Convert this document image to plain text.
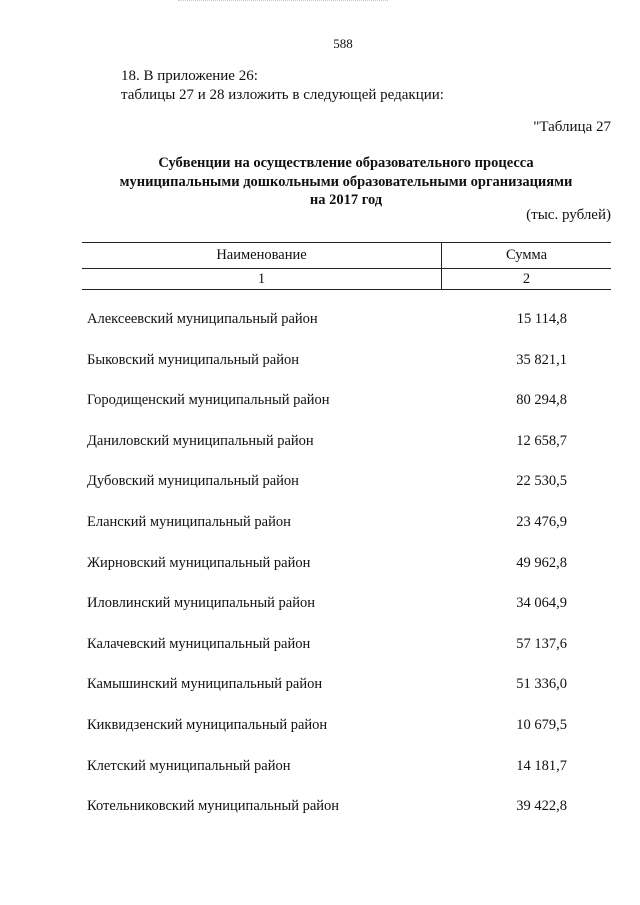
588
18. В приложение 26:
таблицы 27 и 28 изложить в следующей редакции:
"Таблица 27
Субвенции на осуществление образовательного процесса
муниципальными дошкольными образовательными организациями
на 2017 год
(тыс. рублей)
Наименование	Сумма
1	2
Алексеевский муниципальный район	15 114,8
Быковский муниципальный район	35 821,1
Городищенский муниципальный район	80 294,8
Даниловский муниципальный район	12 658,7
Дубовский муниципальный район	22 530,5
Еланский муниципальный район	23 476,9
Жирновский муниципальный район	49 962,8
Иловлинский муниципальный район	34 064,9
Калачевский муниципальный район	57 137,6
Камышинский муниципальный район	51 336,0
Киквидзенский муниципальный район	10 679,5
Клетский муниципальный район	14 181,7
Котельниковский муниципальный район	39 422,8
